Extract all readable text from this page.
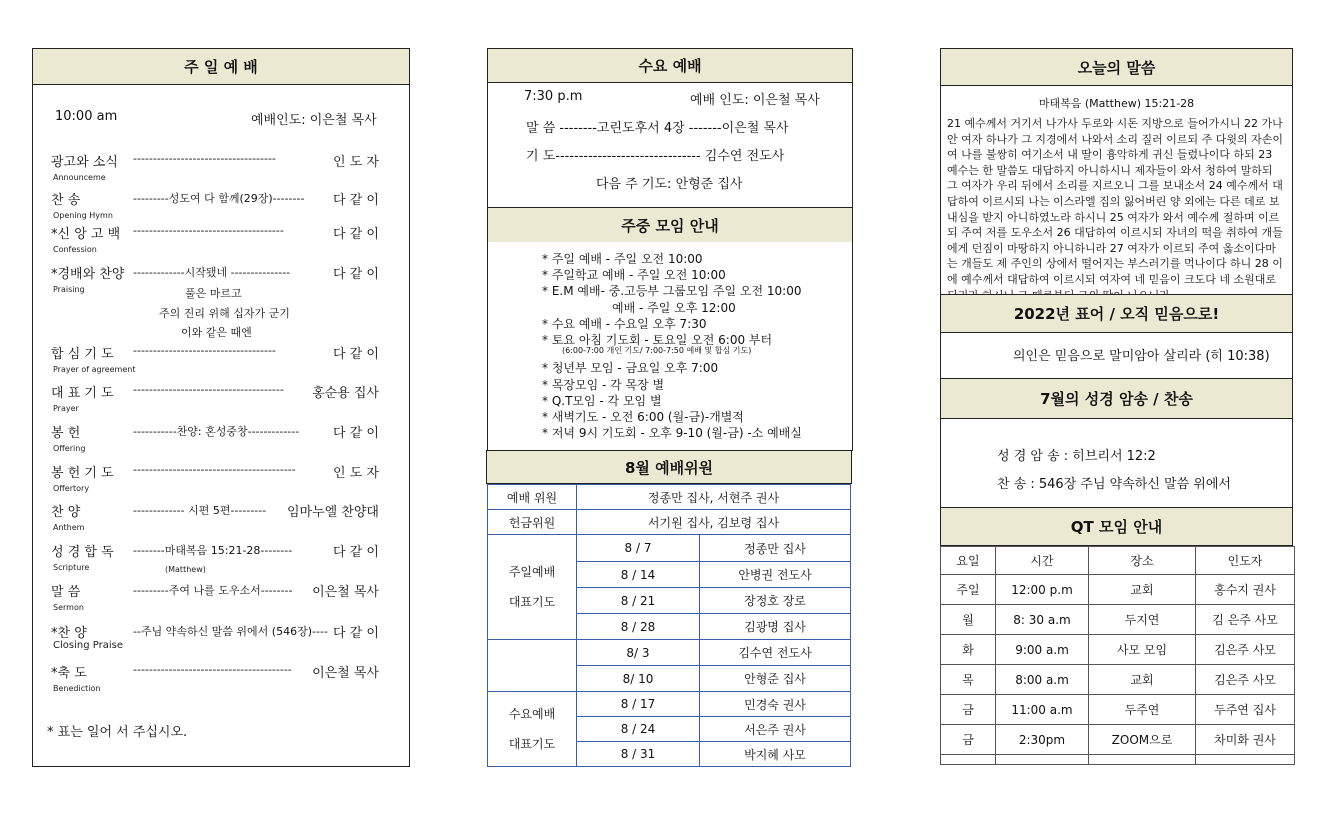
주 일 예 배
10:00 am	예배인도: 이은철 목사
광고와 소식 ------------------------------------	인 도 자
Announceme
찬 송	---------성도여 다 함께(29장)-------- 다 같 이
Opening Hymn
*신 앙 고 백 --------------------------------------	다 같 이
Confession
*경배와 찬양 -------------시작됐네 ---------------	다 같 이
Praising
합 심 기 도 ------------------------------------	다 같 이
Prayer of agreement
대 표 기 도 -------------------------------------- 홍순용 집사
Prayer
봉 헌	-----------찬양: 혼성중창-------------	다 같 이
Offering
봉 헌 기 도 -----------------------------------------	인 도 자
Offertory
찬 양	------------- 시편 5편--------- 임마누엘 찬양대
Anthem
성 경 합 독 --------마태복음 15:21-28--------	다 같 이
Scripture
말 씀	---------주여 나를 도우소서-------- 이은철 목사
Sermon
*찬 양	--주님 약속하신 말씀 위에서 (546장)---- 다 같 이
Closing Praise
*축 도	---------------------------------------- 이은철 목사
Benediction
풀은 마르고
주의 진리 위해 십자가 군기
이와 같은 때엔
(Matthew)
* 표는 일어 서 주십시오.
수요 예배
7:30 p.m	예배 인도: 이은철 목사
말 씀 --------고린도후서 4장 -------이은철 목사
기 도------------------------------- 김수연 전도사
다음 주 기도: 안형준 집사
주중 모임 안내
* 주일 예배 - 주일 오전 10:00
* 주일학교 예배 - 주일 오전 10:00
* E.M 예배- 중.고등부 그룹모임 주일 오전 10:00
예배 - 주일 오후 12:00
* 수요 예배 - 수요일 오후 7:30
* 토요 아침 기도회 - 토요일 오전 6:00 부터
(6:00-7:00 개인 기도/ 7:00-7:50 예배 및 합심 기도)
* 청년부 모임 - 금요일 오후 7:00
* 목장모임 - 각 목장 별
* Q.T모임 - 각 모임 별
* 새벽기도 - 오전 6:00 (월-금)-개별적
* 저녁 9시 기도회 - 오후 9-10 (월-금) -소 예배실
8월 예배위원
예배 위원	정종만 집사, 서현주 권사	
헌금위원	서기원 집사, 김보령 집사	

주일예배
대표기도	8 / 7	정종만 집사
	8 / 14	안병권 전도사
	8 / 21	장정호 장로
	8 / 28	김광명 집사
	8/ 3	김수연 전도사
	8/ 10	안형준 집사

수요예배
대표기도	8 / 17	민경숙 권사
	8 / 24	서은주 권사
	8 / 31	박지혜 사모
오늘의 말씀
마태복음 (Matthew) 15:21-28
21 예수께서 거기서 나가사 두로와 시돈 지방으로 들어가시니 22 가나안 여자 하나가 그 지경에서 나와서 소리 질러 이르되 주 다윗의 자손이여 나를 불쌍히 여기소서 내 딸이 흉악하게 귀신 들렸나이다 하되 23 예수는 한 말씀도 대답하지 아니하시니 제자들이 와서 청하여 말하되 그 여자가 우리 뒤에서 소리를 지르오니 그를 보내소서 24 예수께서 대답하여 이르시되 나는 이스라엘 집의 잃어버린 양 외에는 다른 데로 보내심을 받지 아니하였노라 하시니 25 여자가 와서 예수께 절하며 이르되 주여 저를 도우소서 26 대답하여 이르시되 자녀의 떡을 취하여 개들에게 던짐이 마땅하지 아니하니라 27 여자가 이르되 주여 옳소이다마는 개들도 제 주인의 상에서 떨어지는 부스러기를 먹나이다 하니 28 이에 예수께서 대답하여 이르시되 여자여 네 믿음이 크도다 네 소원대로
2022년 표어 / 오직 믿음으로!
의인은 믿음으로 말미암아 살리라 (히 10:38)
7월의 성경 암송 / 찬송
성 경 암 송 : 히브리서 12:2
찬 송 : 546장 주님 약속하신 말씀 위에서
QT 모임 안내
요일	시간	장소	인도자
주일	12:00 p.m	교회	홍수지 권사
월	8: 30 a.m	두지연	김 은주 사모
화	9:00 a.m	사모 모임	김은주 사모
목	8:00 a.m	교회	김은주 사모
금	11:00 a.m	두주연	두주연 집사
금	2:30pm	ZOOM으로	차미화 권사
